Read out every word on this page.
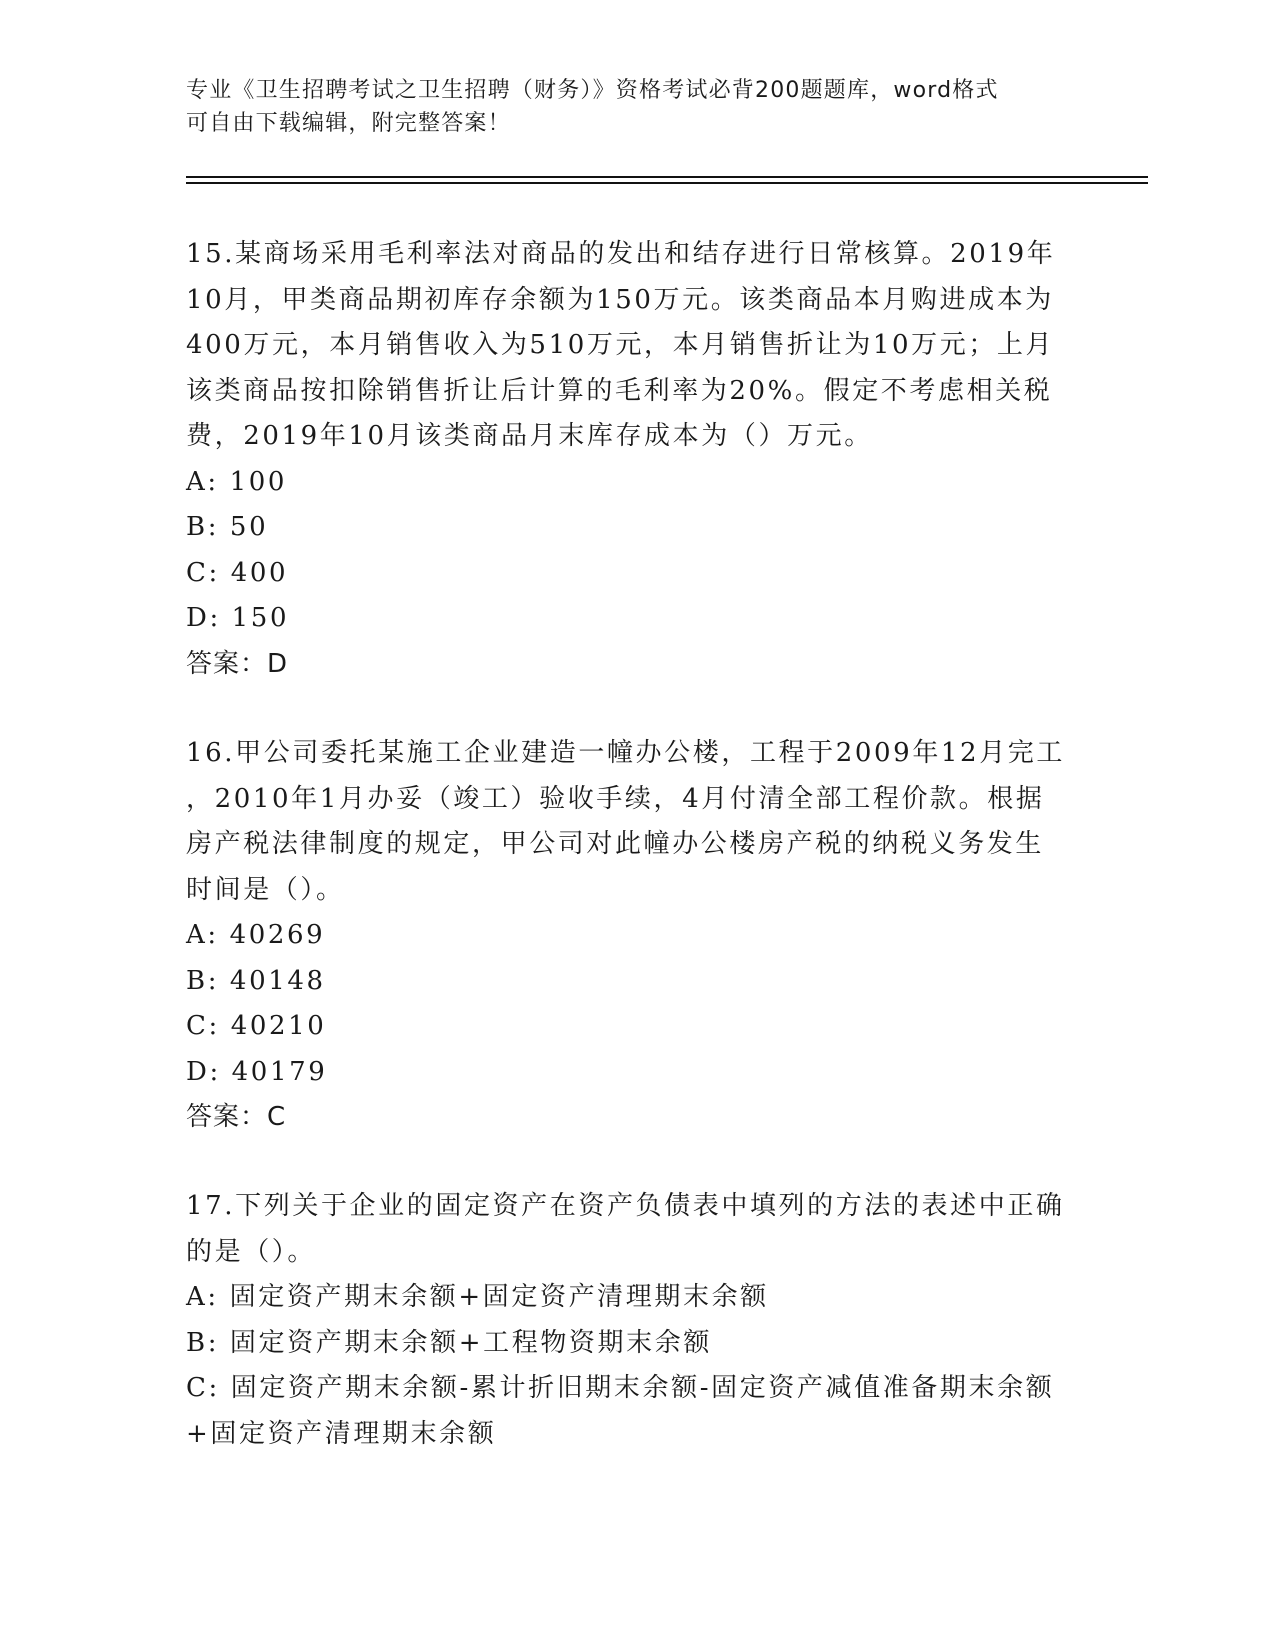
专业《卫生招聘考试之卫生招聘（财务）》资格考试必背200题题库，word格式
可自由下载编辑，附完整答案！
15.某商场采用毛利率法对商品的发出和结存进行日常核算。2019年
10月，甲类商品期初库存余额为150万元。该类商品本月购进成本为
400万元，本月销售收入为510万元，本月销售折让为10万元；上月
该类商品按扣除销售折让后计算的毛利率为20%。假定不考虑相关税
费，2019年10月该类商品月末库存成本为（）万元。
A: 100
B: 50
C: 400
D: 150
答案：D
16.甲公司委托某施工企业建造一幢办公楼，工程于2009年12月完工
，2010年1月办妥（竣工）验收手续，4月付清全部工程价款。根据
房产税法律制度的规定，甲公司对此幢办公楼房产税的纳税义务发生
时间是（）。
A: 40269
B: 40148
C: 40210
D: 40179
答案：C
17.下列关于企业的固定资产在资产负债表中填列的方法的表述中正确
的是（）。
A: 固定资产期末余额+固定资产清理期末余额
B: 固定资产期末余额+工程物资期末余额
C: 固定资产期末余额-累计折旧期末余额-固定资产减值准备期末余额
+固定资产清理期末余额
